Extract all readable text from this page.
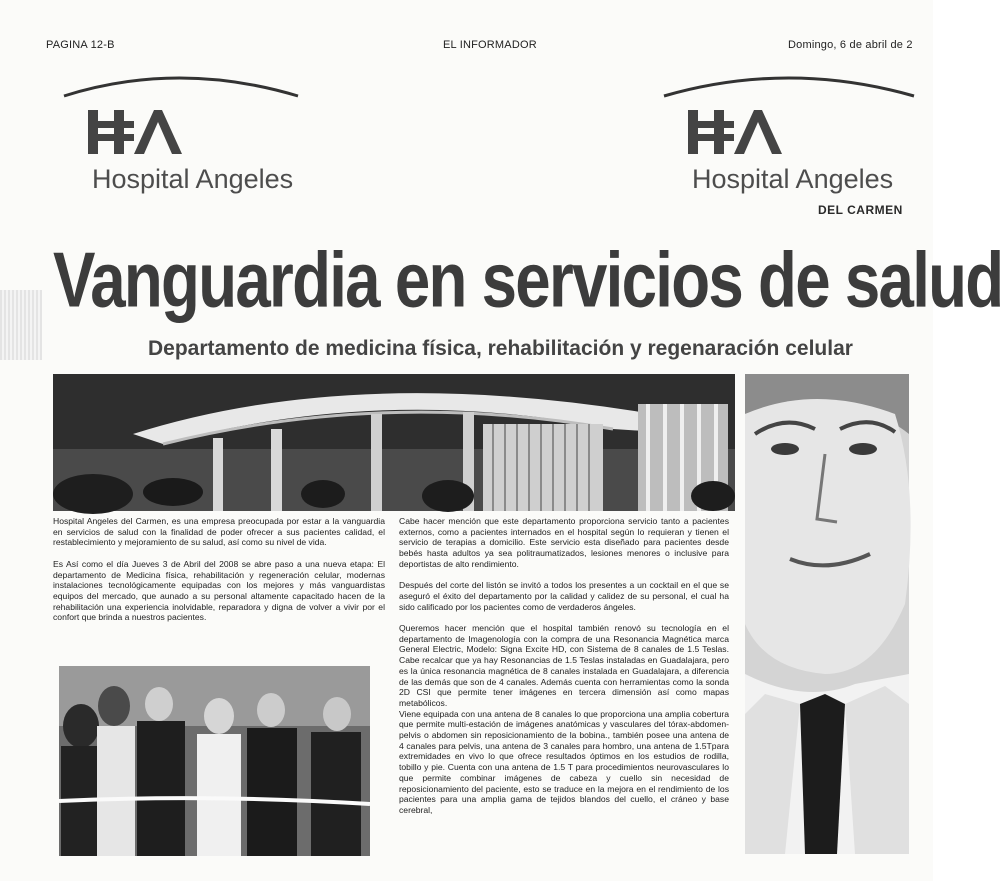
PAGINA 12-B	EL INFORMADOR	Domingo, 6 de abril de 2
Hospital Angeles	Hospital Angeles
DEL CARMEN
Vanguardia en servicios de salud
Departamento de medicina física, rehabilitación y regenaración celular

Hospital Angeles del Carmen, es una empresa preocupada por estar a la vanguardia en servicios de salud con la finalidad de poder ofrecer a sus pacientes calidad, el restablecimiento y mejoramiento de su salud, así como su nivel de vida.

Es Así como el día Jueves 3 de Abril del 2008 se abre paso a una nueva etapa: El departamento de Medicina física, rehabilitación y regeneración celular, modernas instalaciones tecnológicamente equipadas con los mejores y más vanguardistas equipos del mercado, que aunado a su personal altamente capacitado hacen de la rehabilitación una experiencia inolvidable, reparadora y digna de volver a vivir por el confort que brinda a nuestros pacientes.

Cabe hacer mención que este departamento proporciona servicio tanto a pacientes externos, como a pacientes internados en el hospital según lo requieran y tienen el servicio de terapias a domicilio. Este servicio esta diseñado para pacientes desde bebés hasta adultos ya sea politraumatizados, lesiones menores o inclusive para deportistas de alto rendimiento.

Después del corte del listón se invitó a todos los presentes a un cocktail en el que se aseguró el éxito del departamento por la calidad y calidez de su personal, el cual ha sido calificado por los pacientes como de verdaderos ángeles.

Queremos hacer mención que el hospital también renovó su tecnología en el departamento de Imagenología con la compra de una Resonancia Magnética marca General Electric, Modelo: Signa Excite HD, con Sistema de 8 canales de 1.5 Teslas. Cabe recalcar que ya hay Resonancias de 1.5 Teslas instaladas en Guadalajara, pero es la única resonancia magnética de 8 canales instalada en Guadalajara, a diferencia de las demás que son de 4 canales. Además cuenta con herramientas como la sonda 2D CSI que permite tener imágenes en tercera dimensión así como mapas metabólicos.

Viene equipada con una antena de 8 canales lo que proporciona una amplia cobertura que permite multi-estación de imágenes anatómicas y vasculares del tórax-abdomen-pelvis o abdomen sin reposicionamiento de la bobina., también posee una antena de 4 canales para pelvis, una antena de 3 canales para hombro, una antena de 1.5Tpara extremidades en vivo lo que ofrece resultados óptimos en los estudios de rodilla, tobillo y pie. Cuenta con una antena de 1.5 T para procedimientos neurovasculares lo que permite combinar imágenes de cabeza y cuello sin necesidad de reposicionamiento del paciente, esto se traduce en la mejora en el rendimiento de los pacientes para una amplia gama de tejidos blandos del cuello, el cráneo y base cerebral,
